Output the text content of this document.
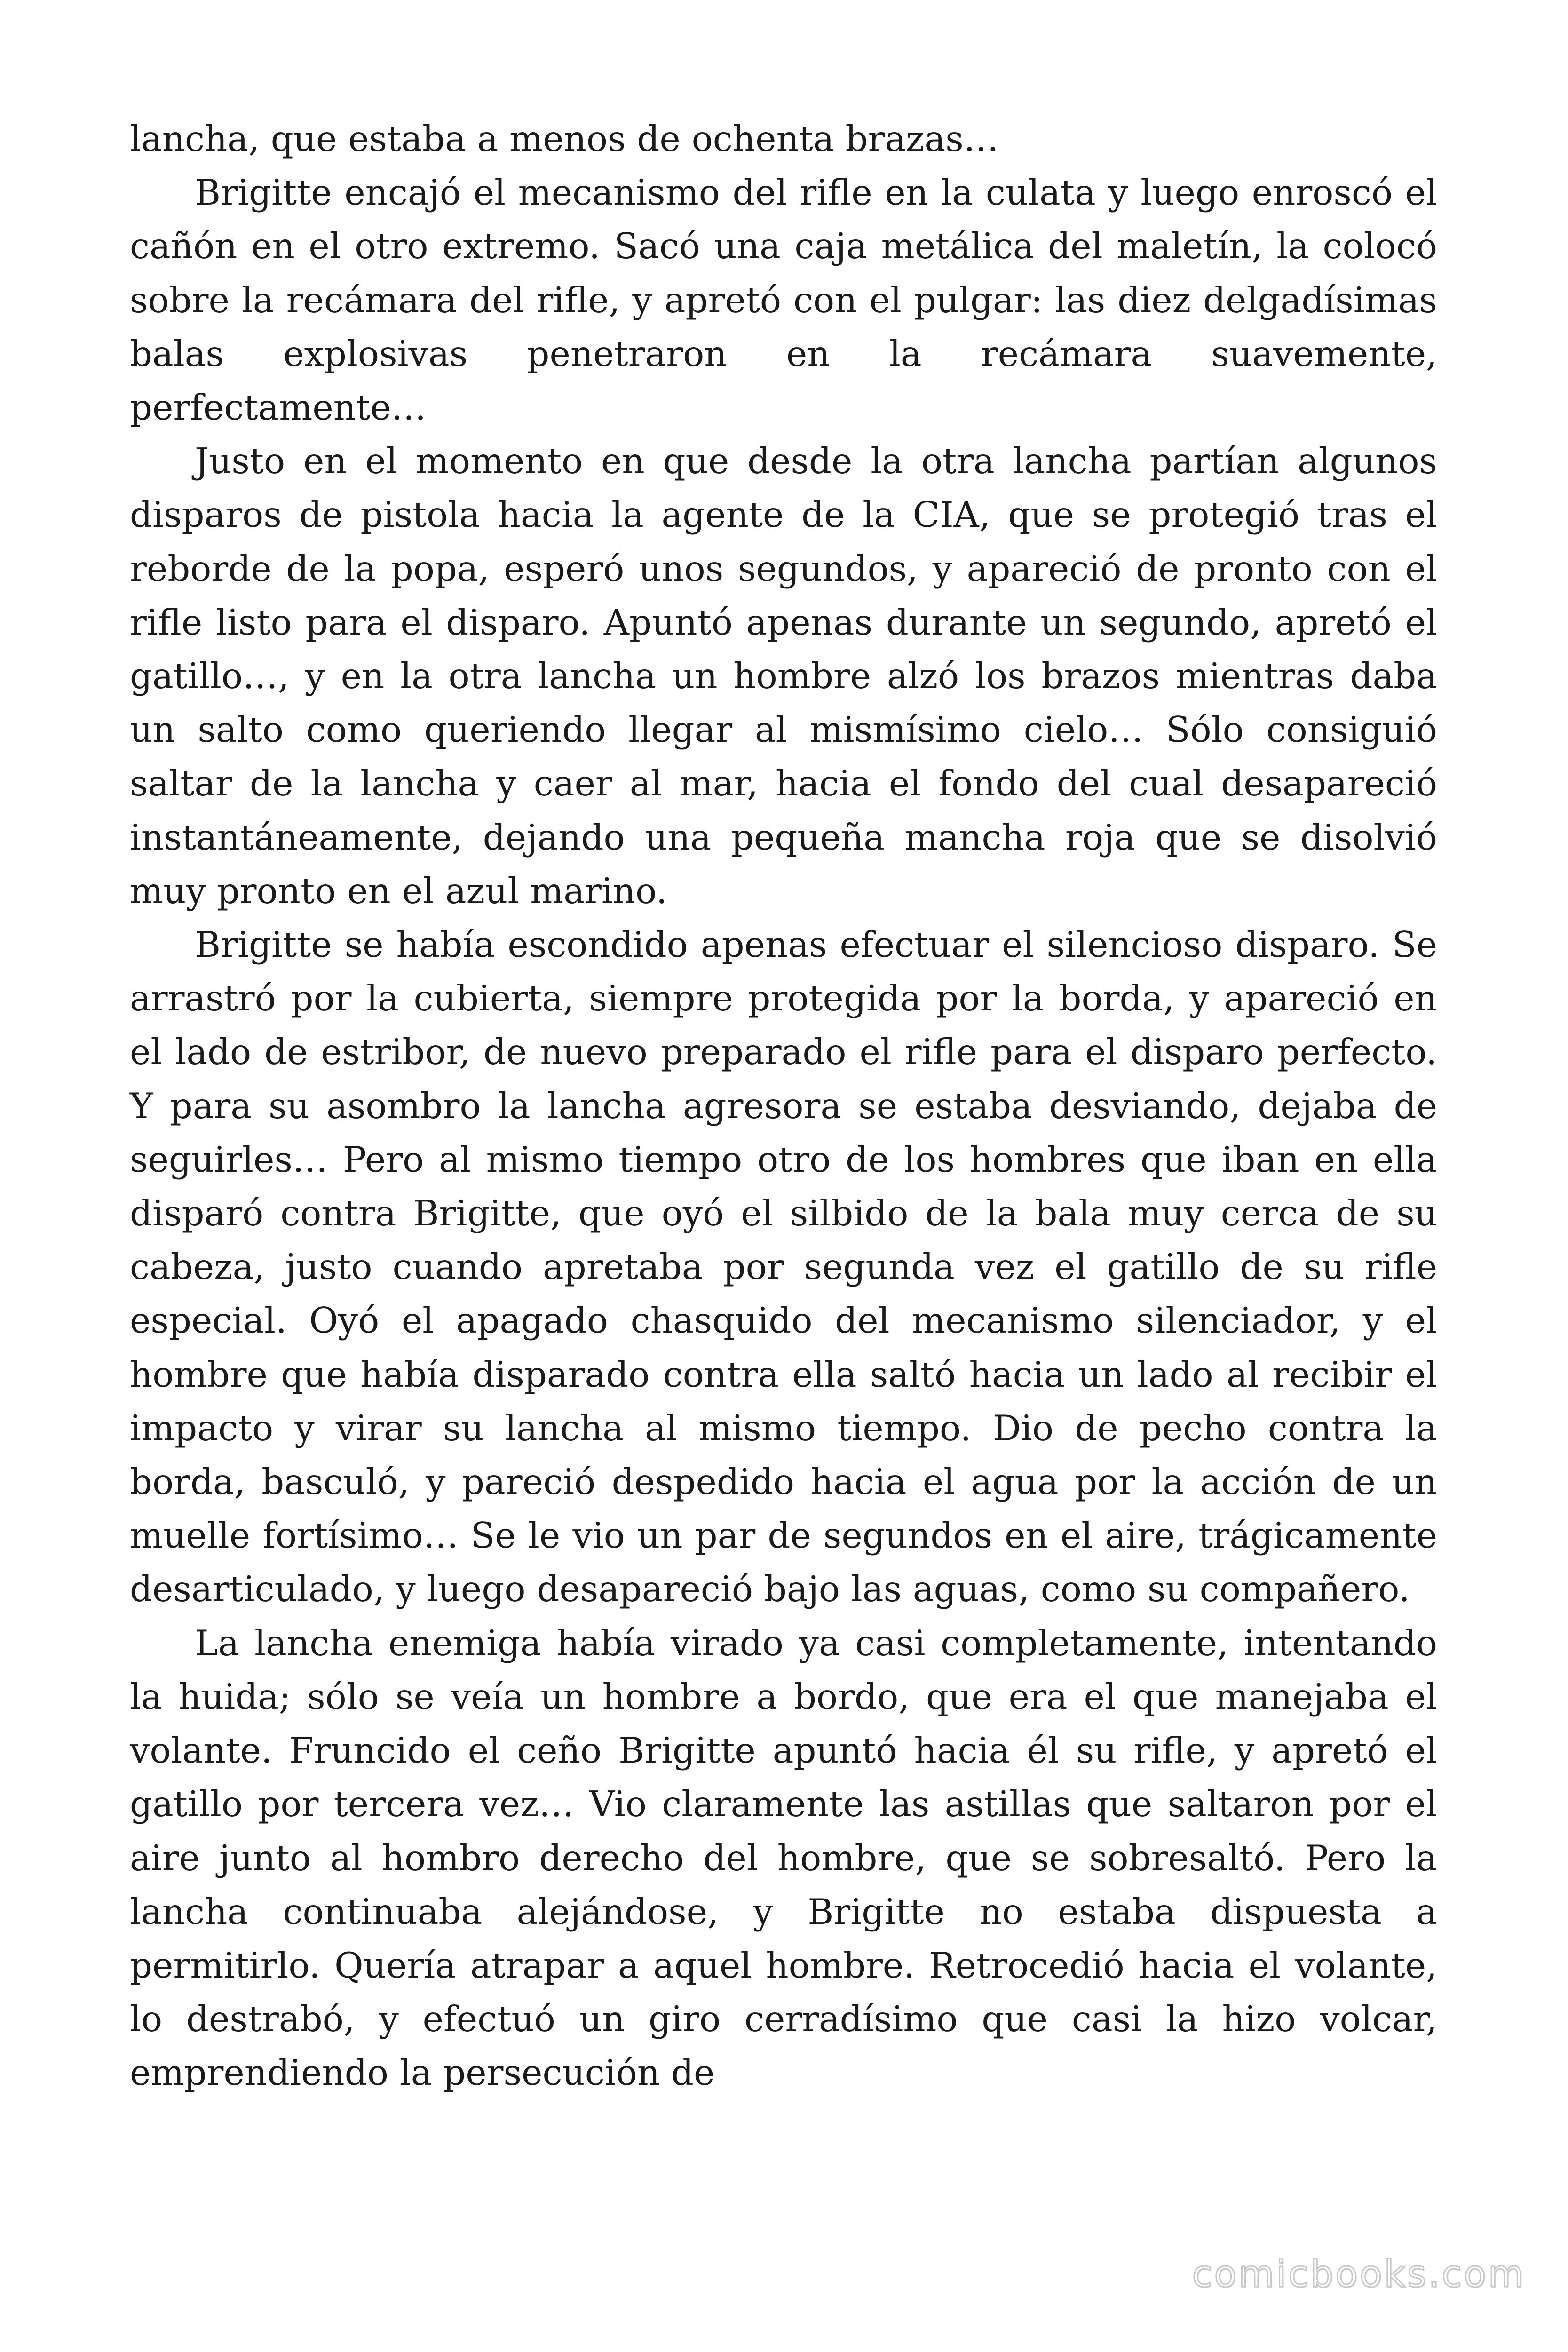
lancha, que estaba a menos de ochenta brazas…

Brigitte encajó el mecanismo del rifle en la culata y luego enroscó el cañón en el otro extremo. Sacó una caja metálica del maletín, la colocó sobre la recámara del rifle, y apretó con el pulgar: las diez delgadísimas balas explosivas penetraron en la recámara suavemente, perfectamente…

Justo en el momento en que desde la otra lancha partían algunos disparos de pistola hacia la agente de la CIA, que se protegió tras el reborde de la popa, esperó unos segundos, y apareció de pronto con el rifle listo para el disparo. Apuntó apenas durante un segundo, apretó el gatillo…, y en la otra lancha un hombre alzó los brazos mientras daba un salto como queriendo llegar al mismísimo cielo… Sólo consiguió saltar de la lancha y caer al mar, hacia el fondo del cual desapareció instantáneamente, dejando una pequeña mancha roja que se disolvió muy pronto en el azul marino.

Brigitte se había escondido apenas efectuar el silencioso disparo. Se arrastró por la cubierta, siempre protegida por la borda, y apareció en el lado de estribor, de nuevo preparado el rifle para el disparo perfecto. Y para su asombro la lancha agresora se estaba desviando, dejaba de seguirles… Pero al mismo tiempo otro de los hombres que iban en ella disparó contra Brigitte, que oyó el silbido de la bala muy cerca de su cabeza, justo cuando apretaba por segunda vez el gatillo de su rifle especial. Oyó el apagado chasquido del mecanismo silenciador, y el hombre que había disparado contra ella saltó hacia un lado al recibir el impacto y virar su lancha al mismo tiempo. Dio de pecho contra la borda, basculó, y pareció despedido hacia el agua por la acción de un muelle fortísimo… Se le vio un par de segundos en el aire, trágicamente desarticulado, y luego desapareció bajo las aguas, como su compañero.

La lancha enemiga había virado ya casi completamente, intentando la huida; sólo se veía un hombre a bordo, que era el que manejaba el volante. Fruncido el ceño Brigitte apuntó hacia él su rifle, y apretó el gatillo por tercera vez… Vio claramente las astillas que saltaron por el aire junto al hombro derecho del hombre, que se sobresaltó. Pero la lancha continuaba alejándose, y Brigitte no estaba dispuesta a permitirlo. Quería atrapar a aquel hombre. Retrocedió hacia el volante, lo destrabó, y efectuó un giro cerradísimo que casi la hizo volcar, emprendiendo la persecución de

comicbooks.com
